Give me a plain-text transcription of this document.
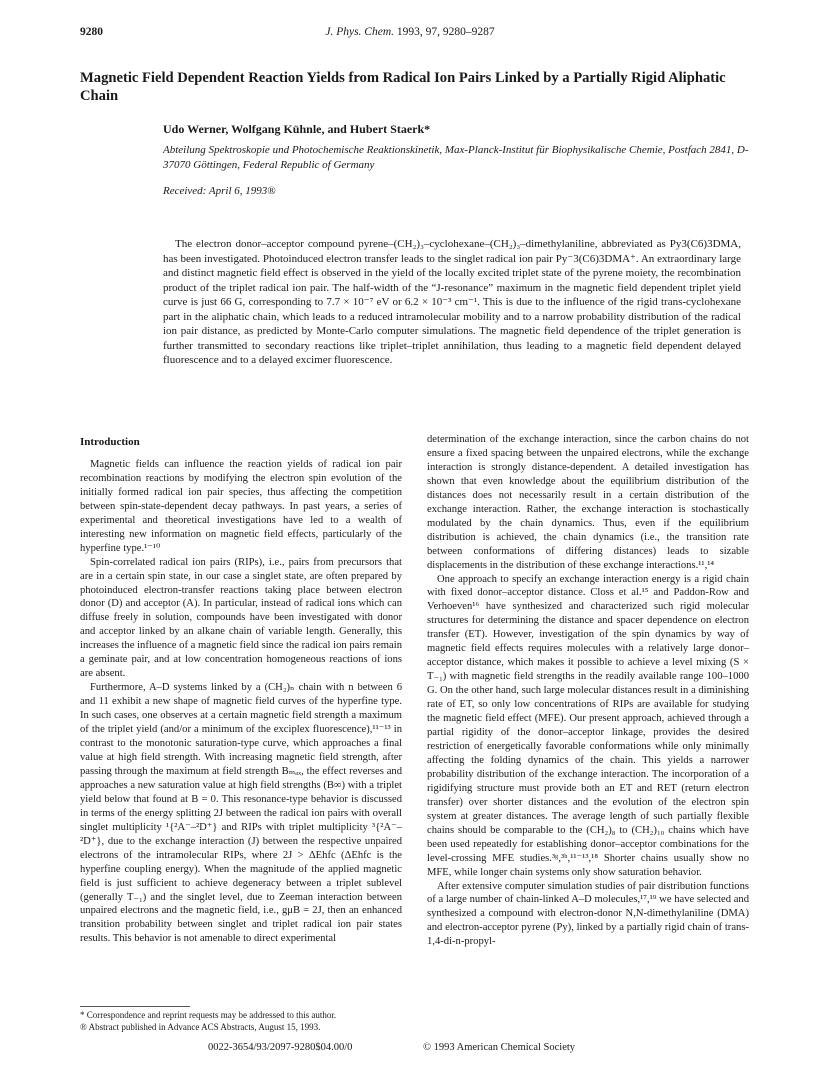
9280	J. Phys. Chem. 1993, 97, 9280–9287
Magnetic Field Dependent Reaction Yields from Radical Ion Pairs Linked by a Partially Rigid Aliphatic Chain
Udo Werner, Wolfgang Kühnle, and Hubert Staerk*
Abteilung Spektroskopie und Photochemische Reaktionskinetik, Max-Planck-Institut für Biophysikalische Chemie, Postfach 2841, D-37070 Göttingen, Federal Republic of Germany
Received: April 6, 1993®
The electron donor–acceptor compound pyrene–(CH₂)₃–cyclohexane–(CH₂)₃–dimethylaniline, abbreviated as Py3(C6)3DMA, has been investigated. Photoinduced electron transfer leads to the singlet radical ion pair Py⁻3(C6)3DMA⁺. An extraordinary large and distinct magnetic field effect is observed in the yield of the locally excited triplet state of the pyrene moiety, the recombination product of the triplet radical ion pair. The half-width of the “J-resonance” maximum in the magnetic field dependent triplet yield curve is just 66 G, corresponding to 7.7 × 10⁻⁷ eV or 6.2 × 10⁻³ cm⁻¹. This is due to the influence of the rigid trans-cyclohexane part in the aliphatic chain, which leads to a reduced intramolecular mobility and to a narrow probability distribution of the radical ion pair distance, as predicted by Monte-Carlo computer simulations. The magnetic field dependence of the triplet generation is further transmitted to secondary reactions like triplet–triplet annihilation, thus leading to a magnetic field dependent delayed fluorescence and to a delayed excimer fluorescence.
Introduction

Magnetic fields can influence the reaction yields of radical ion pair recombination reactions by modifying the electron spin evolution of the initially formed radical ion pair species, thus affecting the competition between spin-state-dependent decay pathways. In past years, a series of experimental and theoretical investigations have led to a wealth of interesting new information on magnetic field effects, particularly of the hyperfine type.¹⁻¹⁰

Spin-correlated radical ion pairs (RIPs), i.e., pairs from precursors that are in a certain spin state, in our case a singlet state, are often prepared by photoinduced electron-transfer reactions taking place between electron donor (D) and acceptor (A). In particular, instead of radical ions which can diffuse freely in solution, compounds have been investigated with donor and acceptor linked by an alkane chain of variable length. Generally, this increases the influence of a magnetic field since the radical ion pairs remain a geminate pair, and at low concentration homogeneous reactions of ions are absent.

Furthermore, A–D systems linked by a (CH₂)ₙ chain with n between 6 and 11 exhibit a new shape of magnetic field curves of the hyperfine type. In such cases, one observes at a certain magnetic field strength a maximum of the triplet yield (and/or a minimum of the exciplex fluorescence),¹¹⁻¹³ in contrast to the monotonic saturation-type curve, which approaches a final value at high field strength. With increasing magnetic field strength, after passing through the maximum at field strength Bₘₐₓ, the effect reverses and approaches a new saturation value at high field strengths (B∞) with a triplet yield below that found at B = 0. This resonance-type behavior is discussed in terms of the energy splitting 2J between the radical ion pairs with overall singlet multiplicity ¹{²A⁻–²D⁺} and RIPs with triplet multiplicity ³{²A⁻–²D⁺}, due to the exchange interaction (J) between the respective unpaired electrons of the intramolecular RIPs, where 2J > ΔEhfc (ΔEhfc is the hyperfine coupling energy). When the magnitude of the applied magnetic field is just sufficient to achieve degeneracy between a triplet sublevel (generally T₋₁) and the singlet level, due to Zeeman interaction between unpaired electrons and the magnetic field, i.e., gμB = 2J, then an enhanced transition probability between singlet and triplet radical ion pair states results. This behavior is not amenable to direct experimental

determination of the exchange interaction, since the carbon chains do not ensure a fixed spacing between the unpaired electrons, while the exchange interaction is strongly distance-dependent. A detailed investigation has shown that even knowledge about the equilibrium distribution of the distances does not necessarily result in a certain distribution of the exchange interaction. Rather, the exchange interaction is stochastically modulated by the chain dynamics. Thus, even if the equilibrium distribution is achieved, the chain dynamics (i.e., the transition rate between conformations of differing distances) leads to sizable displacements in the distribution of these exchange interactions.¹¹,¹⁴

One approach to specify an exchange interaction energy is a rigid chain with fixed donor–acceptor distance. Closs et al.¹⁵ and Paddon-Row and Verhoeven¹⁶ have synthesized and characterized such rigid molecular structures for determining the distance and spacer dependence on electron transfer (ET). However, investigation of the spin dynamics by way of magnetic field effects requires molecules with a relatively large donor–acceptor distance, which makes it possible to achieve a level mixing (S × T₋₁) with magnetic field strengths in the readily available range 100–1000 G. On the other hand, such large molecular distances result in a diminishing rate of ET, so only low concentrations of RIPs are available for studying the magnetic field effect (MFE). Our present approach, achieved through a partial rigidity of the donor–acceptor linkage, provides the desired restriction of energetically favorable conformations while only minimally affecting the folding dynamics of the chain. This yields a narrower probability distribution of the exchange interaction. The incorporation of a rigidifying structure must provide both an ET and RET (return electron transfer) over shorter distances and the evolution of the electron spin system at greater distances. The average length of such partially flexible chains should be comparable to the (CH₂)₈ to (CH₂)₁₀ chains which have been used repeatedly for establishing donor–acceptor combinations for the level-crossing MFE studies.³ᵍ,³ʰ,¹¹⁻¹³,¹⁸ Shorter chains usually show no MFE, while longer chain systems only show saturation behavior.

After extensive computer simulation studies of pair distribution functions of a large number of chain-linked A–D molecules,¹⁷,¹⁹ we have selected and synthesized a compound with electron-donor N,N-dimethylaniline (DMA) and electron-acceptor pyrene (Py), linked by a partially rigid chain of trans-1,4-di-n-propyl-

* Correspondence and reprint requests may be addressed to this author.
® Abstract published in Advance ACS Abstracts, August 15, 1993.
0022-3654/93/2097-9280$04.00/0	© 1993 American Chemical Society
